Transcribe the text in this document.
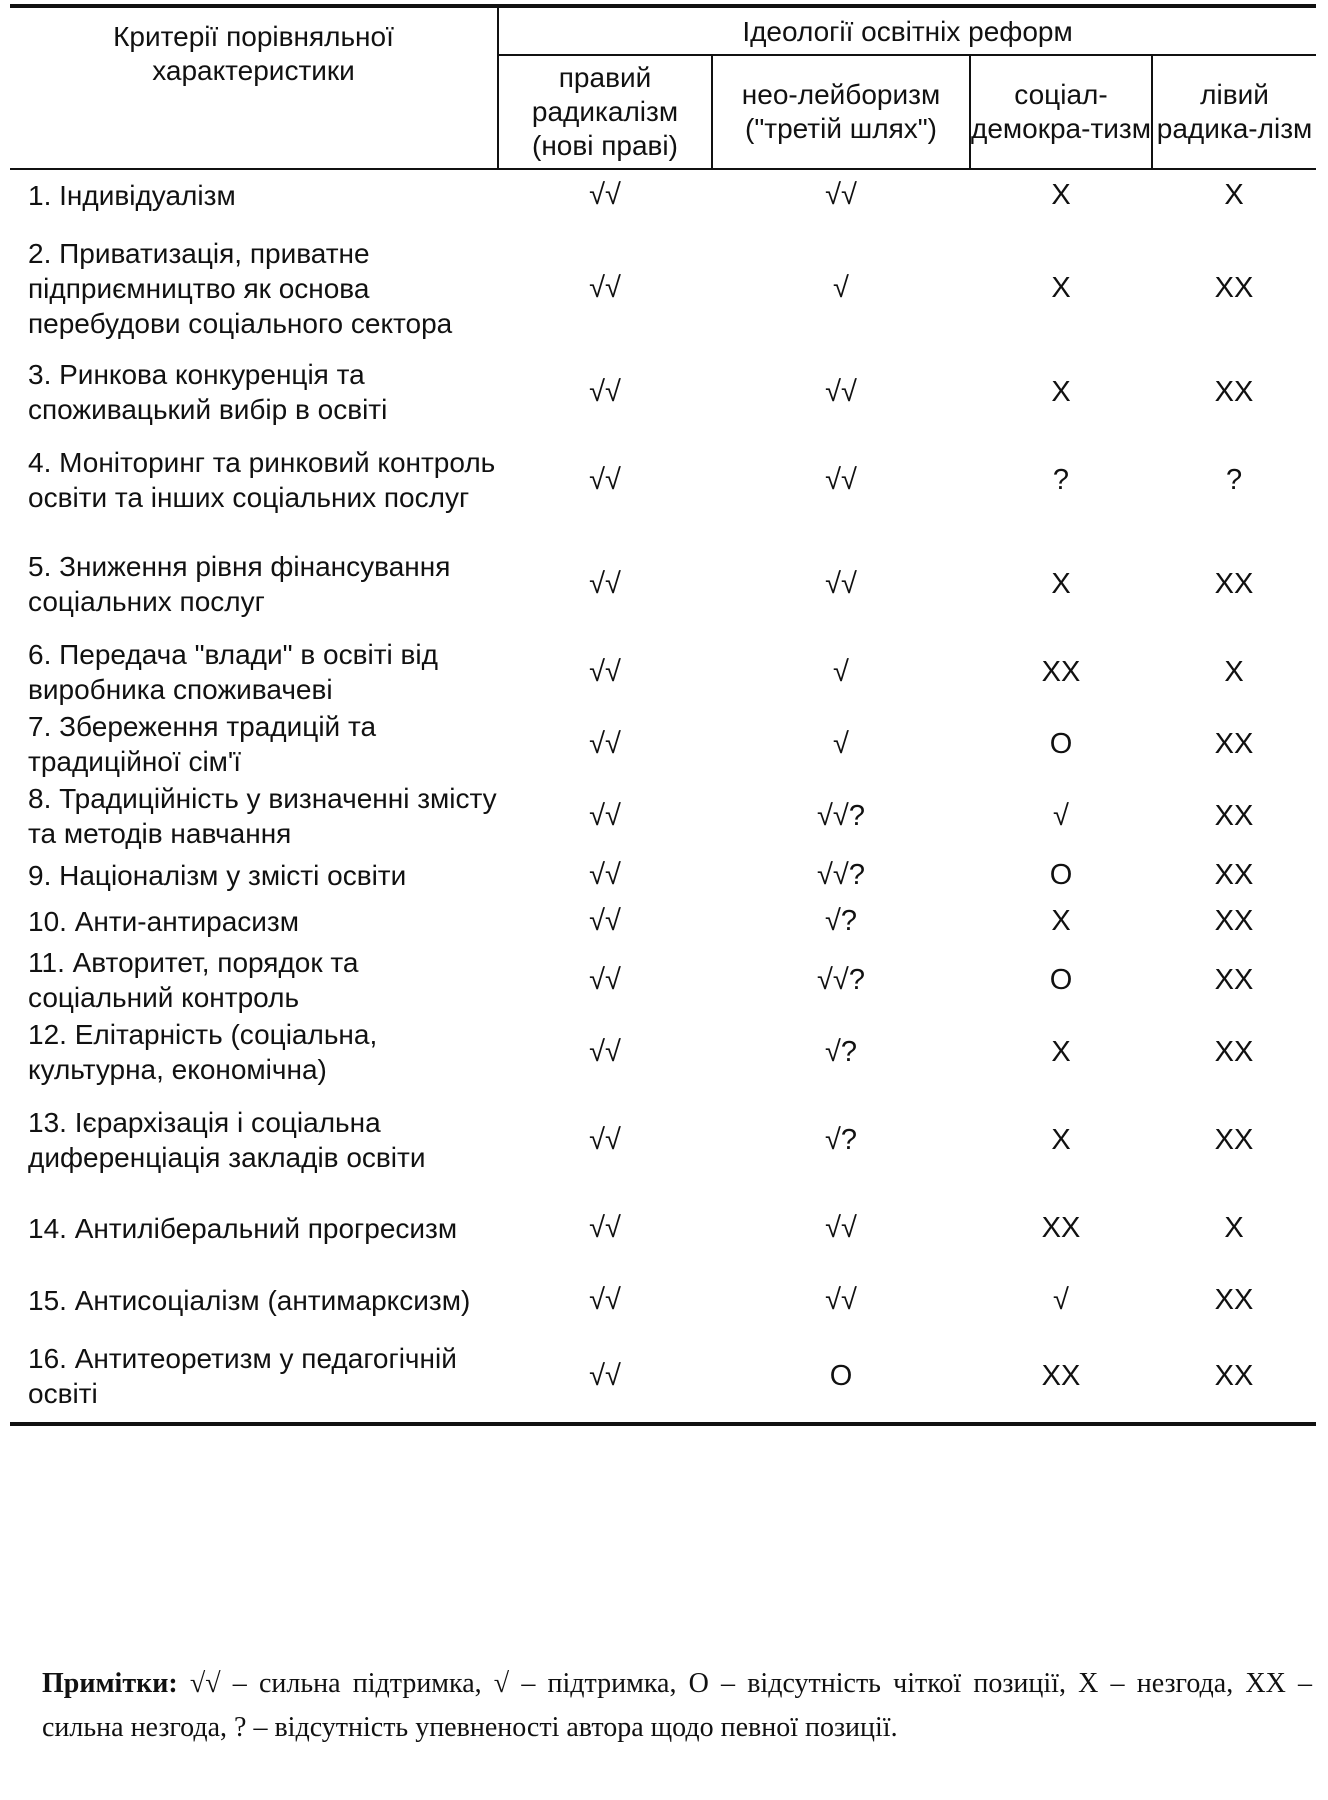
Критерії порівняльної характеристики	Ідеології освітніх реформ			
	правий радикалізм (нові праві)	нео-лейборизм ("третій шлях")	соціал-демокра-тизм	лівий радика-лізм

1. Індивідуалізм	√√	√√	X	X
2. Приватизація, приватне підприємництво як основа перебудови соціального сектора	√√	√	X	XX
3. Ринкова конкуренція та споживацький вибір в освіті	√√	√√	X	XX
4. Моніторинг та ринковий контроль освіти та інших соціальних послуг	√√	√√	?	?
5. Зниження рівня фінансування соціальних послуг	√√	√√	X	XX
6. Передача "влади" в освіті від виробника споживачеві	√√	√	XX	X
7. Збереження традицій та традиційної сім'ї	√√	√	O	XX
8. Традиційність у визначенні змісту та методів навчання	√√	√√?	√	XX
9. Націоналізм у змісті освіти	√√	√√?	O	XX
10. Анти-антирасизм	√√	√?	X	XX
11. Авторитет, порядок та соціальний контроль	√√	√√?	O	XX
12. Елітарність (соціальна, культурна, економічна)	√√	√?	X	XX
13. Ієрархізація і соціальна диференціація закладів освіти	√√	√?	X	XX
14. Антиліберальний прогресизм	√√	√√	XX	X
15. Антисоціалізм (антимарксизм)	√√	√√	√	XX
16. Антитеоретизм у педагогічній освіті	√√	O	XX	XX

Примітки: √√ – сильна підтримка, √ – підтримка, O – відсутність чіткої позиції, X – незгода, XX – сильна незгода, ? – відсутність упевненості автора щодо певної позиції.
